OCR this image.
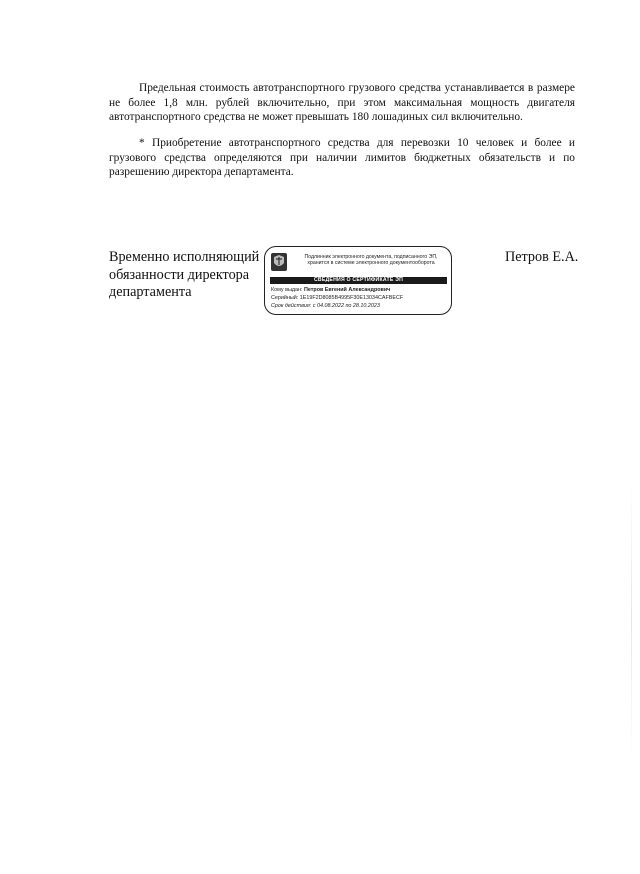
Предельная стоимость автотранспортного грузового средства устанавливается в размере не более 1,8 млн. рублей включительно, при этом максимальная мощность двигателя автотранспортного средства не может превышать 180 лошадиных сил включительно.

* Приобретение автотранспортного средства для перевозки 10 человек и более и грузового средства определяются при наличии лимитов бюджетных обязательств и по разрешению директора департамента.

Временно исполняющий
обязанности директора
департамента
Подлинник электронного документа, подписанного ЭП,
хранится в системе электронного документооборота
СВЕДЕНИЯ О СЕРТИФИКАТЕ ЭП
Кому выдан: Петров Евгений Александрович
Серийный: 1E19F2D8085B4995F30E13034CAFBECF
Срок действия: с 04.08.2022 по 28.10.2023
Петров Е.А.
